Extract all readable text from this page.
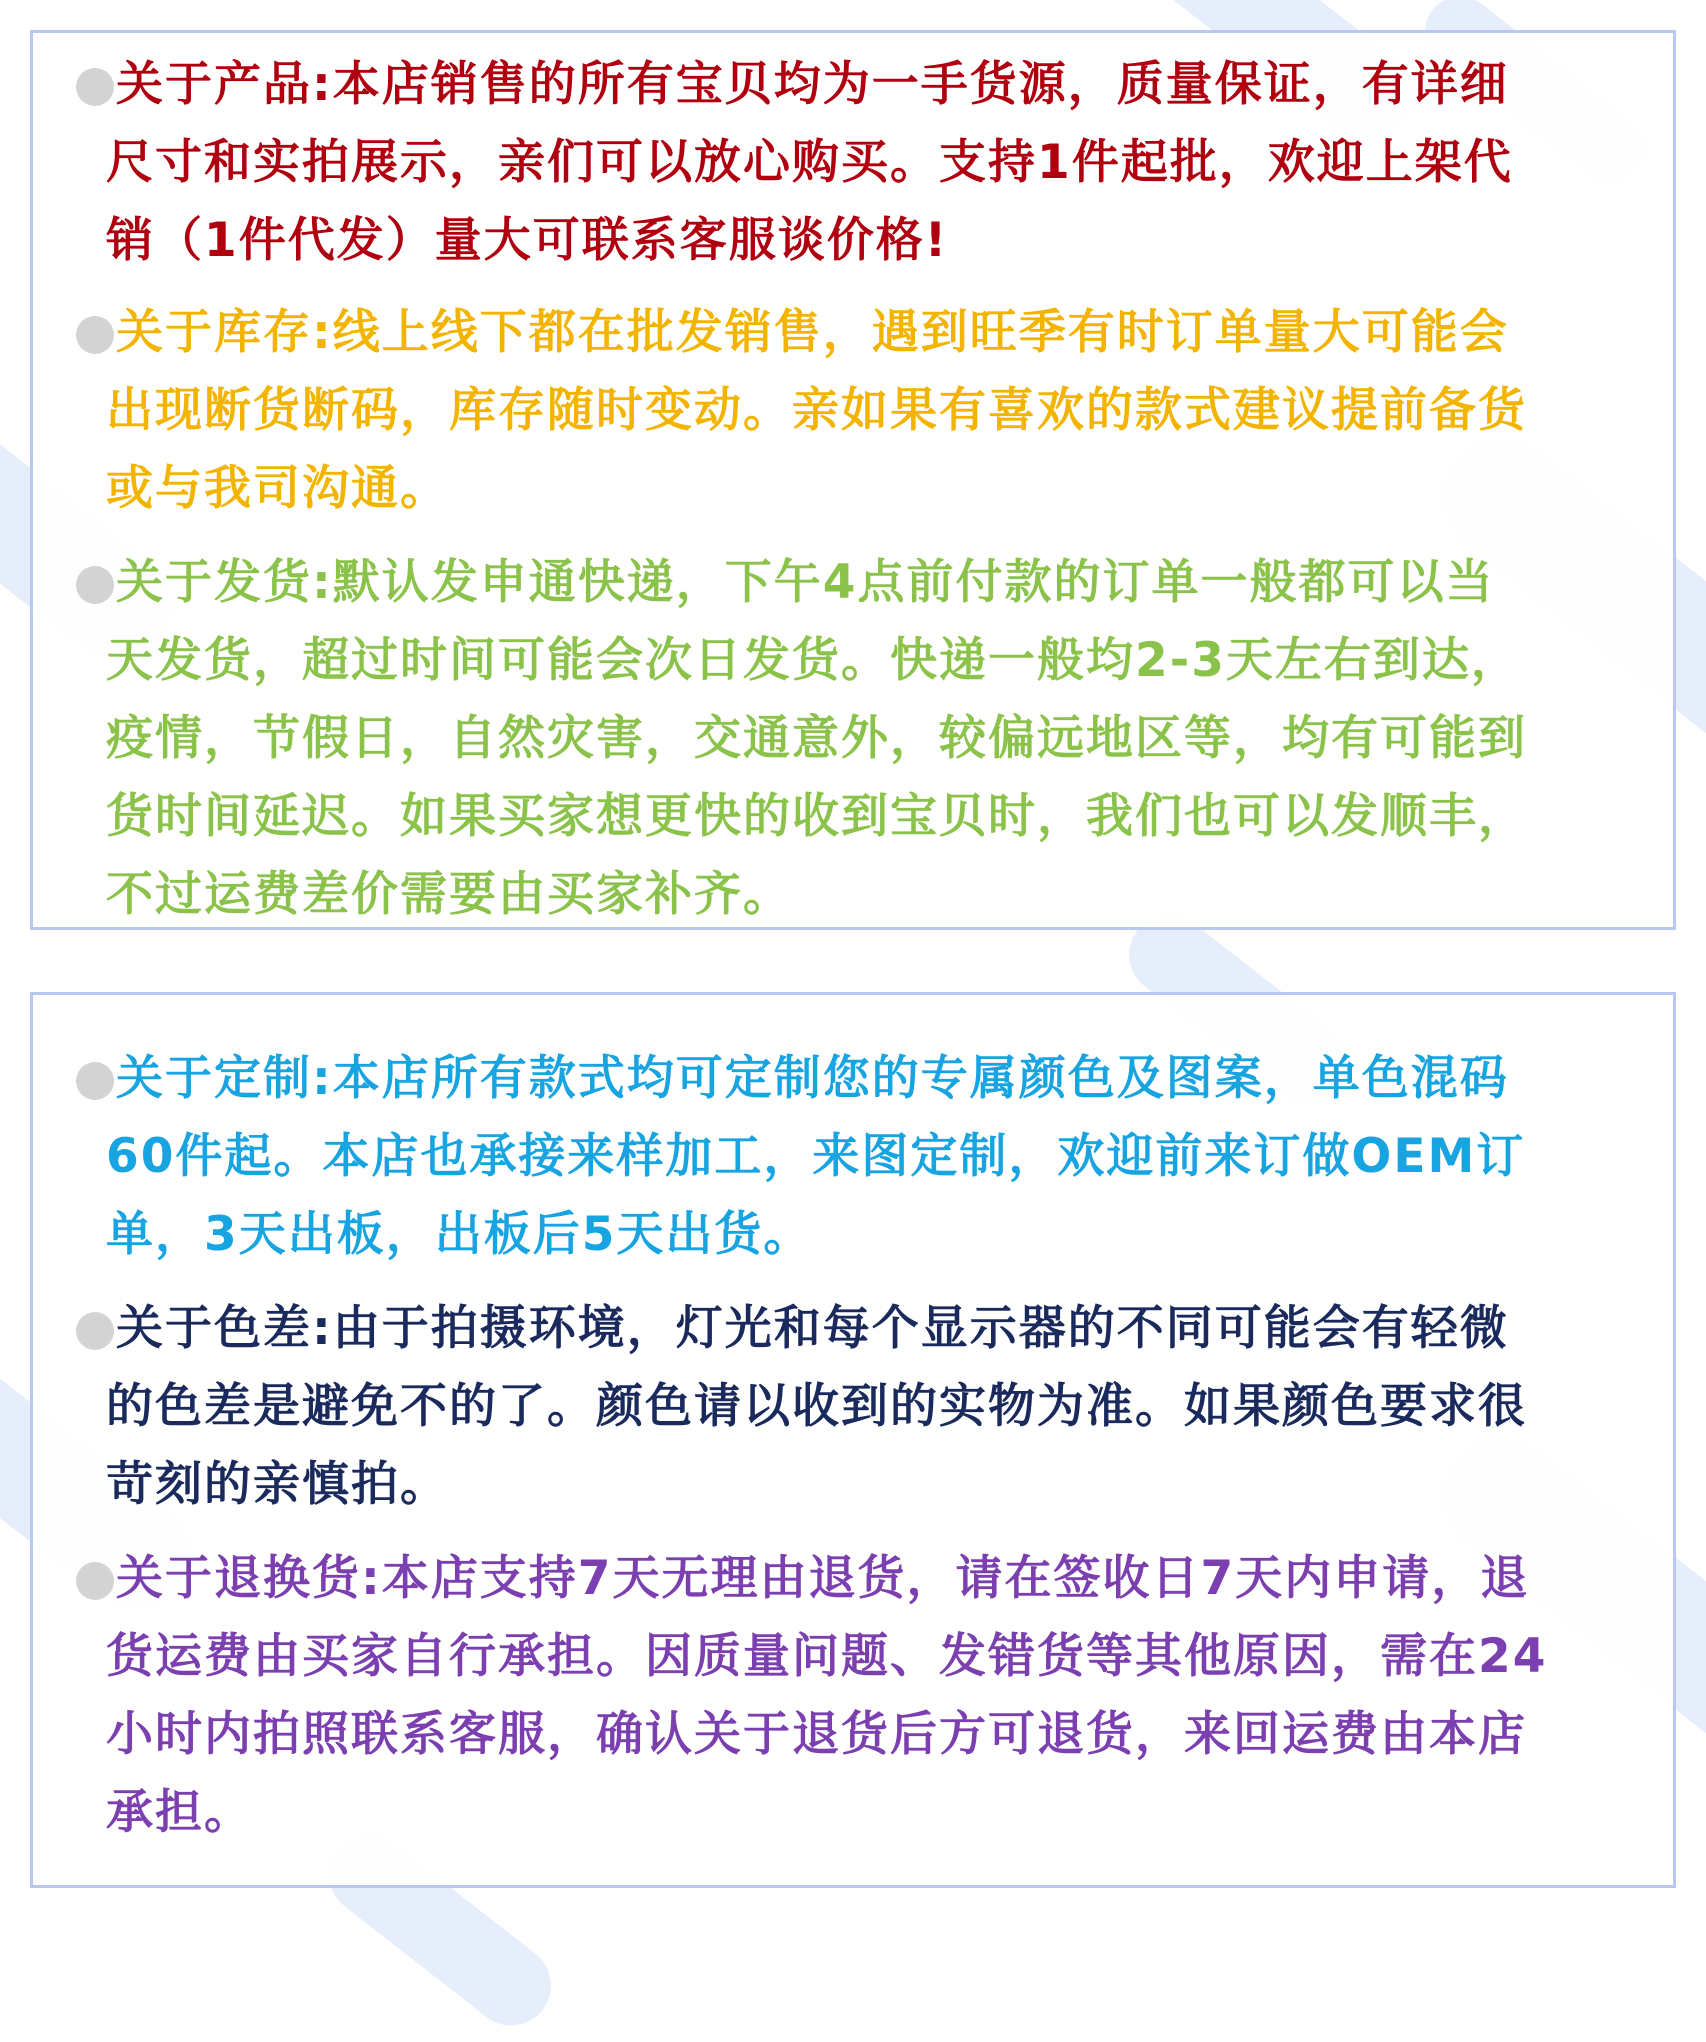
关于产品:本店销售的所有宝贝均为一手货源，质量保证，有详细
尺寸和实拍展示，亲们可以放心购买。支持1件起批，欢迎上架代
销（1件代发）量大可联系客服谈价格!
关于库存:线上线下都在批发销售，遇到旺季有时订单量大可能会
出现断货断码，库存随时变动。亲如果有喜欢的款式建议提前备货
或与我司沟通。
关于发货:默认发申通快递，下午4点前付款的订单一般都可以当
天发货，超过时间可能会次日发货。快递一般均2-3天左右到达，
疫情，节假日，自然灾害，交通意外，较偏远地区等，均有可能到
货时间延迟。如果买家想更快的收到宝贝时，我们也可以发顺丰，
不过运费差价需要由买家补齐。
关于定制:本店所有款式均可定制您的专属颜色及图案，单色混码
60件起。本店也承接来样加工，来图定制，欢迎前来订做OEM订
单，3天出板，出板后5天出货。
关于色差:由于拍摄环境，灯光和每个显示器的不同可能会有轻微
的色差是避免不的了。颜色请以收到的实物为准。如果颜色要求很
苛刻的亲慎拍。
关于退换货:本店支持7天无理由退货，请在签收日7天内申请，退
货运费由买家自行承担。因质量问题、发错货等其他原因，需在24
小时内拍照联系客服，确认关于退货后方可退货，来回运费由本店
承担。
